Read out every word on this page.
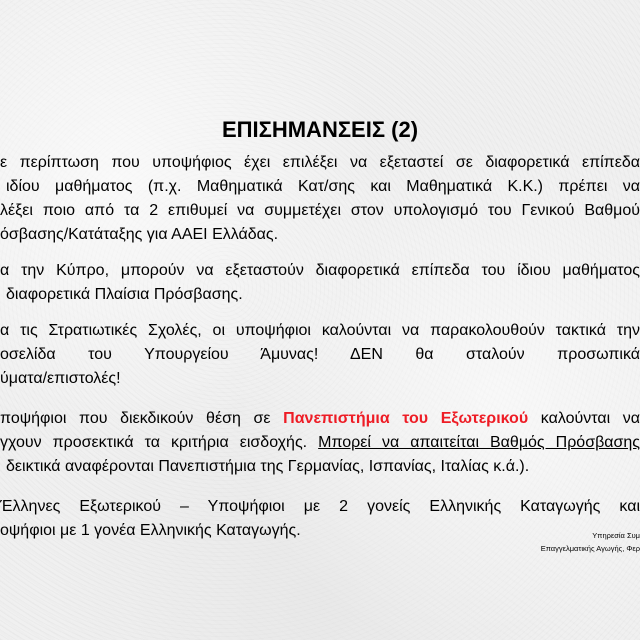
ΕΠΙΣΗΜΑΝΣΕΙΣ (2)
ε περίπτωση που υποψήφιος έχει επιλέξει να εξεταστεί σε διαφορετικά επίπεδα
ιδίου μαθήματος (π.χ. Μαθηματικά Κατ/σης και Μαθηματικά Κ.Κ.) πρέπει να
λέξει ποιο από τα 2 επιθυμεί να συμμετέχει στον υπολογισμό του Γενικού Βαθμού
όσβασης/Κατάταξης για ΑΑΕΙ Ελλάδας.
α την Κύπρο, μπορούν να εξεταστούν διαφορετικά επίπεδα του ίδιου μαθήματος
διαφορετικά Πλαίσια Πρόσβασης.
α τις Στρατιωτικές Σχολές, οι υποψήφιοι καλούνται να παρακολουθούν τακτικά την
οσελίδα του Υπουργείου Άμυνας! ΔΕΝ θα σταλούν προσωπικά
ύματα/επιστολές!
ποψήφιοι που διεκδικούν θέση σε Πανεπιστήμια του Εξωτερικού καλούνται να
γχουν προσεκτικά τα κριτήρια εισδοχής. Μπορεί να απαιτείται Βαθμός Πρόσβασης
δεικτικά αναφέρονται Πανεπιστήμια της Γερμανίας, Ισπανίας, Ιταλίας κ.ά.).
Έλληνες Εξωτερικού – Υποψήφιοι με 2 γονείς Ελληνικής Καταγωγής και
οψήφιοι με 1 γονέα Ελληνικής Καταγωγής.	Υπηρεσία Συμ
Επαγγελματικής Αγωγής, Φερ
